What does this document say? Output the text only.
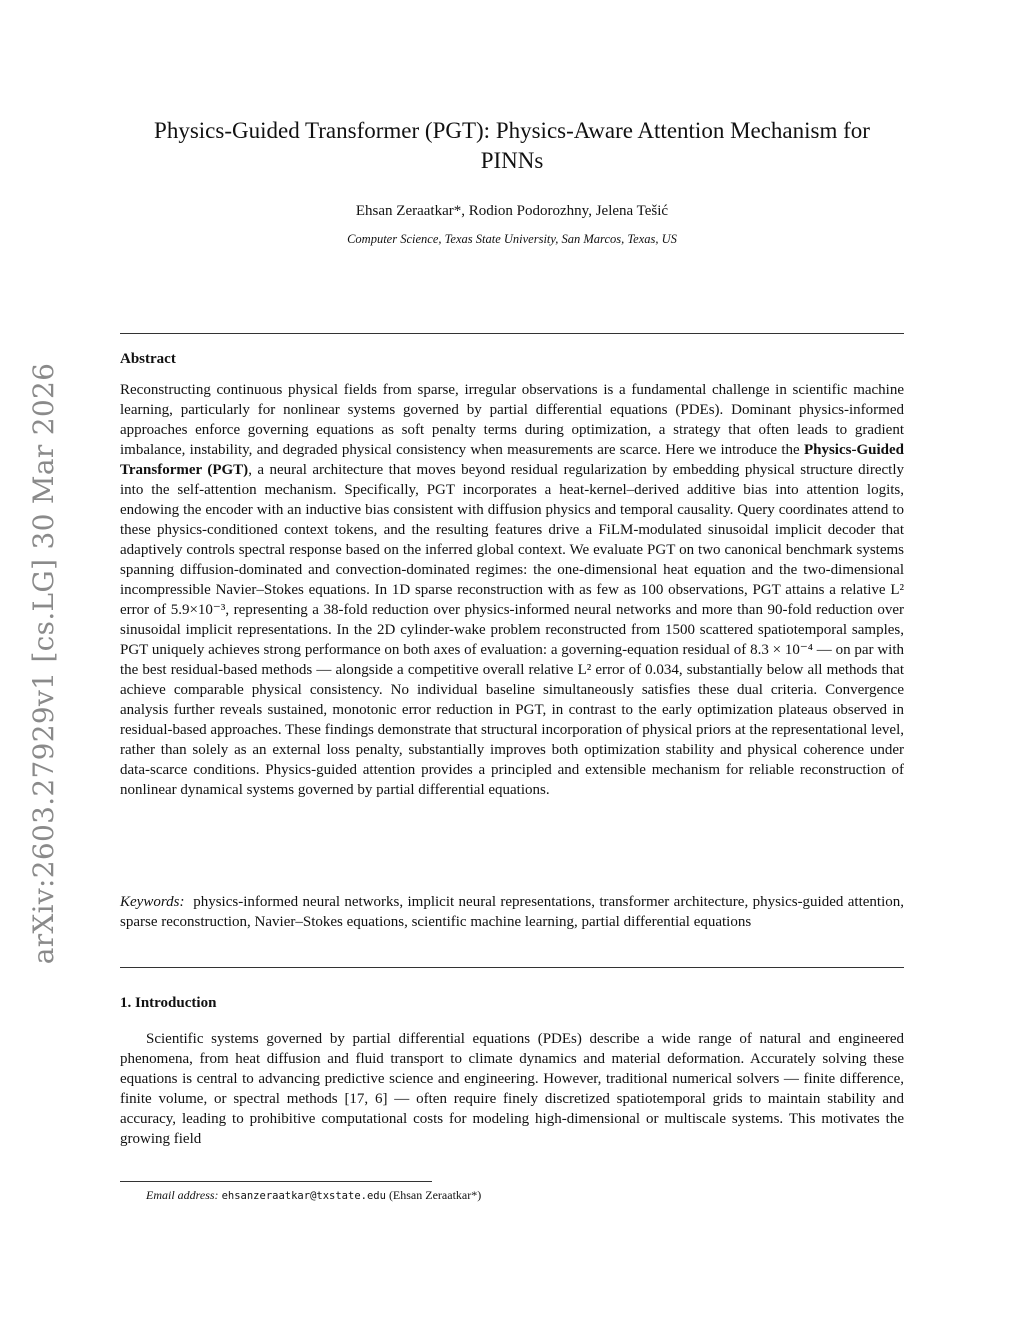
arXiv:2603.27929v1 [cs.LG] 30 Mar 2026
Physics-Guided Transformer (PGT): Physics-Aware Attention Mechanism for
PINNs
Ehsan Zeraatkar*, Rodion Podorozhny, Jelena Tešić
Computer Science, Texas State University, San Marcos, Texas, US
Abstract

Reconstructing continuous physical fields from sparse, irregular observations is a fundamental challenge in scientific machine learning, particularly for nonlinear systems governed by partial differential equations (PDEs). Dominant physics-informed approaches enforce governing equations as soft penalty terms during optimization, a strategy that often leads to gradient imbalance, instability, and degraded physical consistency when measurements are scarce. Here we introduce the Physics-Guided Transformer (PGT), a neural architecture that moves beyond residual regularization by embedding physical structure directly into the self-attention mechanism. Specifically, PGT incorporates a heat-kernel–derived additive bias into attention logits, endowing the encoder with an inductive bias consistent with diffusion physics and temporal causality. Query coordinates attend to these physics-conditioned context tokens, and the resulting features drive a FiLM-modulated sinusoidal implicit decoder that adaptively controls spectral response based on the inferred global context. We evaluate PGT on two canonical benchmark systems spanning diffusion-dominated and convection-dominated regimes: the one-dimensional heat equation and the two-dimensional incompressible Navier–Stokes equations. In 1D sparse reconstruction with as few as 100 observations, PGT attains a relative L² error of 5.9×10⁻³, representing a 38-fold reduction over physics-informed neural networks and more than 90-fold reduction over sinusoidal implicit representations. In the 2D cylinder-wake problem reconstructed from 1500 scattered spatiotemporal samples, PGT uniquely achieves strong performance on both axes of evaluation: a governing-equation residual of 8.3 × 10⁻⁴ — on par with the best residual-based methods — alongside a competitive overall relative L² error of 0.034, substantially below all methods that achieve comparable physical consistency. No individual baseline simultaneously satisfies these dual criteria. Convergence analysis further reveals sustained, monotonic error reduction in PGT, in contrast to the early optimization plateaus observed in residual-based approaches. These findings demonstrate that structural incorporation of physical priors at the representational level, rather than solely as an external loss penalty, substantially improves both optimization stability and physical coherence under data-scarce conditions. Physics-guided attention provides a principled and extensible mechanism for reliable reconstruction of nonlinear dynamical systems governed by partial differential equations.

Keywords: physics-informed neural networks, implicit neural representations, transformer architecture, physics-guided attention, sparse reconstruction, Navier–Stokes equations, scientific machine learning, partial differential equations

1. Introduction

Scientific systems governed by partial differential equations (PDEs) describe a wide range of natural and engineered phenomena, from heat diffusion and fluid transport to climate dynamics and material deformation. Accurately solving these equations is central to advancing predictive science and engineering. However, traditional numerical solvers — finite difference, finite volume, or spectral methods [17, 6] — often require finely discretized spatiotemporal grids to maintain stability and accuracy, leading to prohibitive computational costs for modeling high-dimensional or multiscale systems. This motivates the growing field

Email address: ehsanzeraatkar@txstate.edu (Ehsan Zeraatkar*)
